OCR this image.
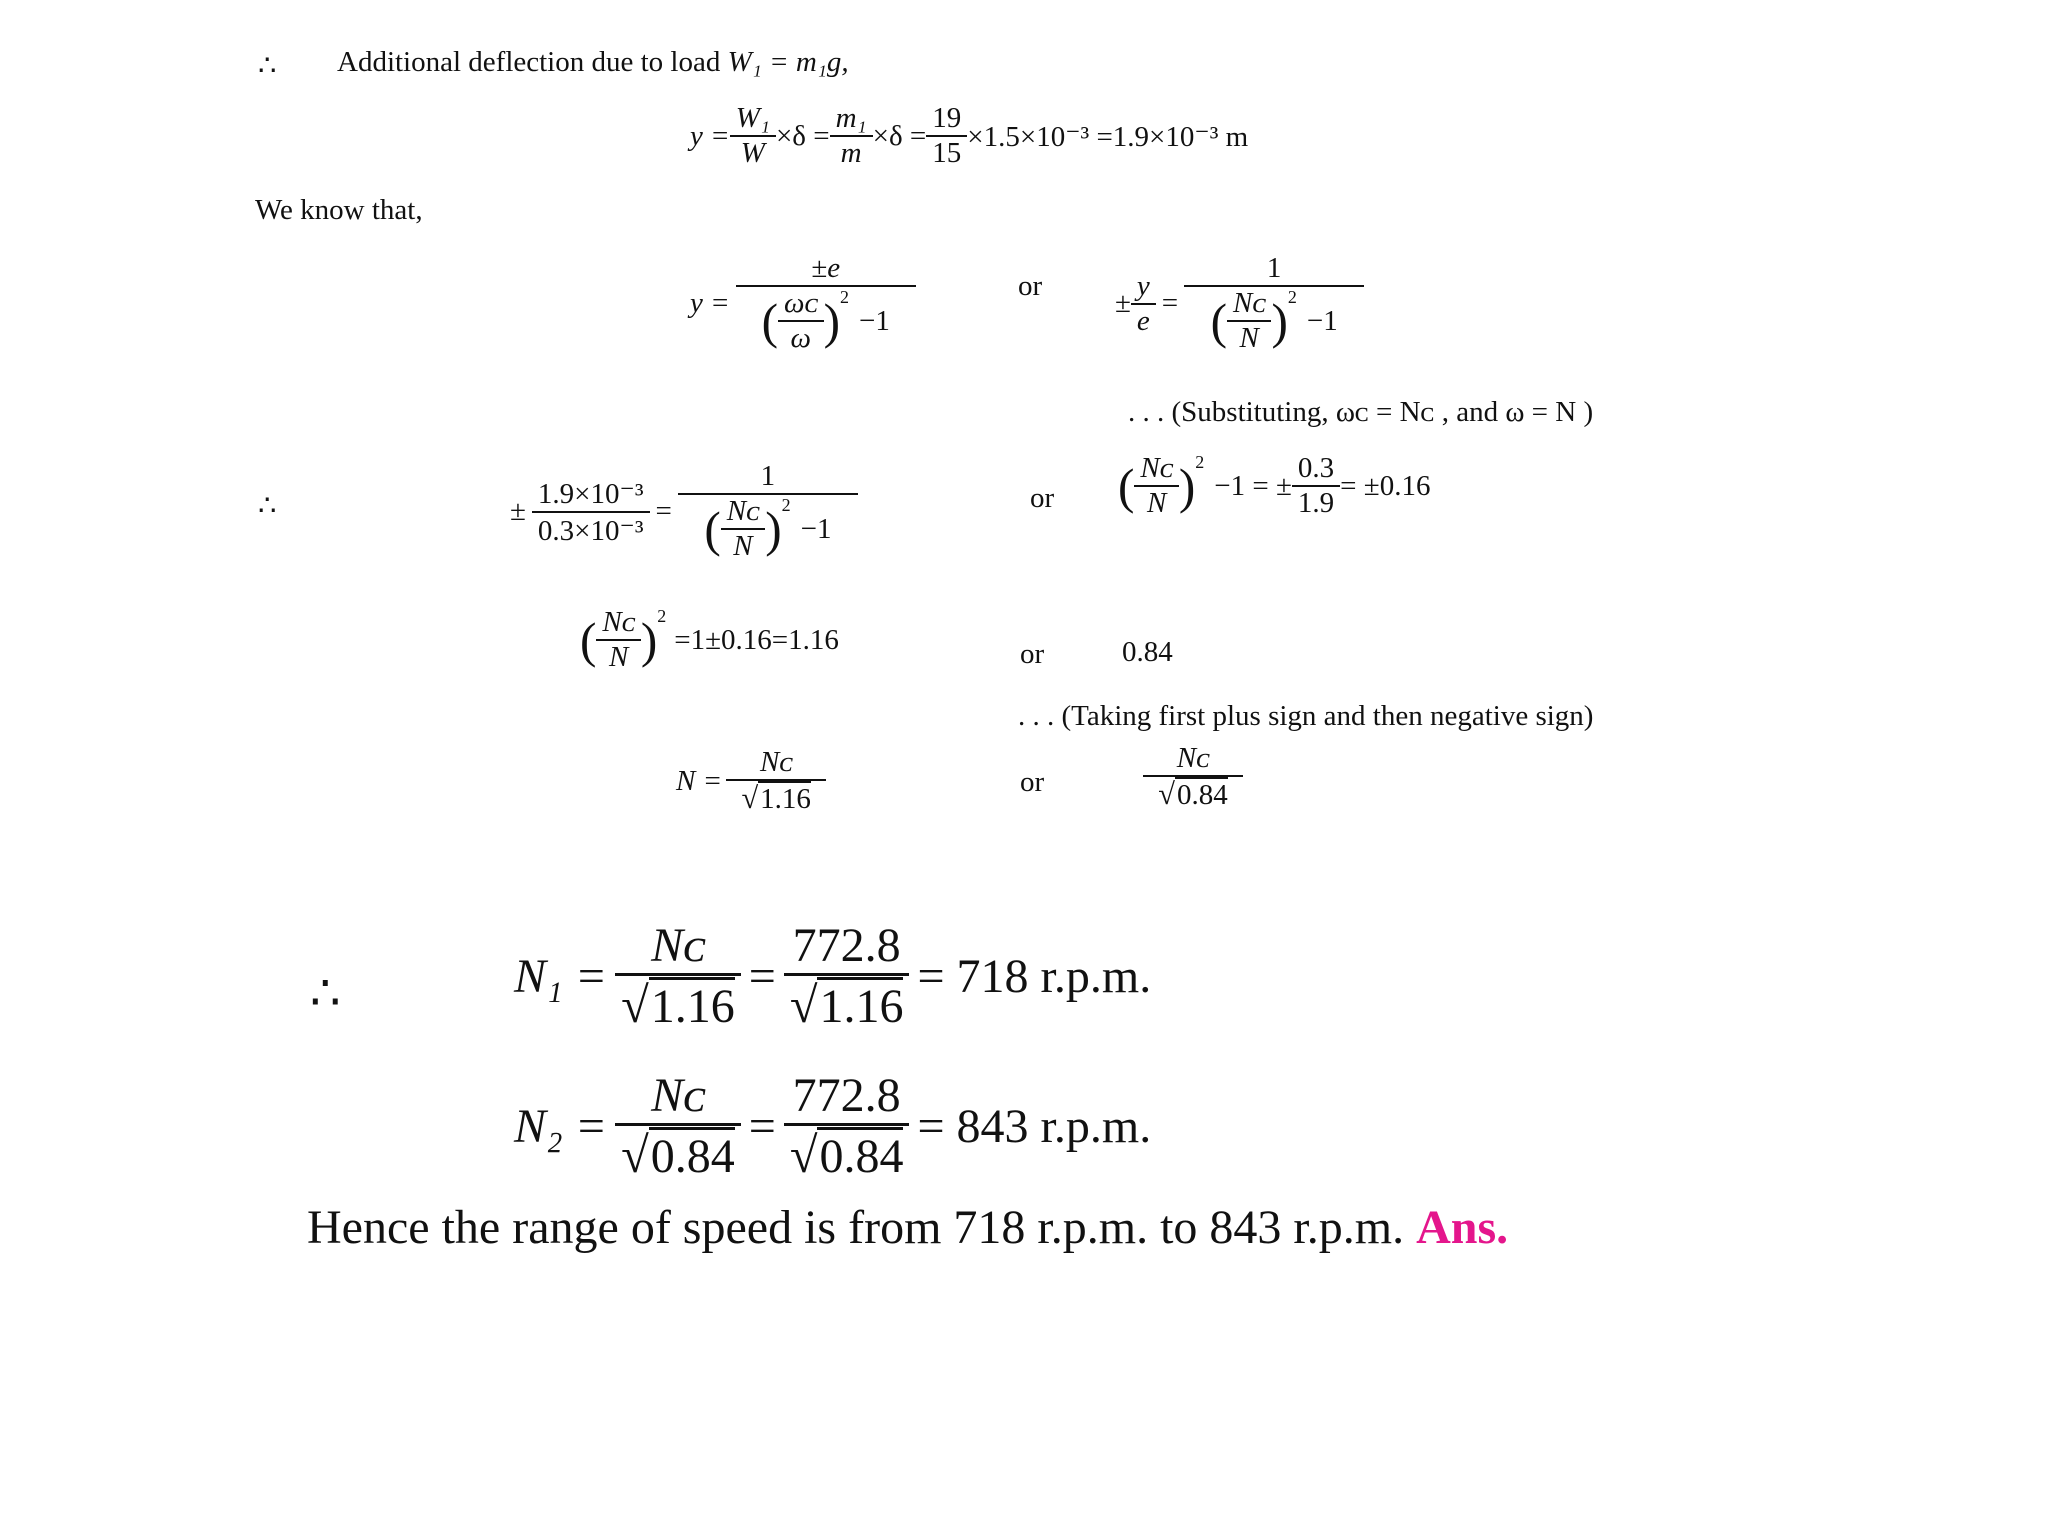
∴ Additional deflection due to load W₁ = m₁g,
$y = \frac{\text{W₁}}{W} \times\delta = \frac{\text{m₁}}{m} \times\delta = \frac{19}{15} \times 1.5\times 10^{-3} =1.9\times 10^{-3}$ m
We know that,
y = ±e
( $\frac{\text{ωᴄ}}{\omega} )^2$
−1	or
± $\frac{y}{e} = 1$
( $\frac{\text{Nᴄ}}{N} )^2$
−1
. . . (Substituting, ωᴄ = Nᴄ , and ω = N )
∴	± $\frac{\text{1.9×10⁻³}}{\text{0.3×10⁻³}} = 1$
( $\frac{\text{Nᴄ}}{N} )^2$
−1	or ( $\frac{\text{Nᴄ}}{N} )^2$
−1 = ± $\frac{0.3}{1.9} = \pm 0.16$
( $\frac{\text{Nᴄ}}{N} )^2$
=1±0.16=1.16	or	0.84
. . . (Taking first plus sign and then negative sign)
$N = \frac{\text{Nᴄ}}{√1.16}$	or	$\frac{\text{Nᴄ}}{√0.84}$
∴	$N_1 = \frac{\text{Nᴄ}}{√1.16} = \frac{772.8}{√1.16} = 718$ r.p.m.
$N_2 = \frac{\text{Nᴄ}}{√0.84} = \frac{772.8}{√0.84} = 843$ r.p.m.
Hence the range of speed is from 718 r.p.m. to 843 r.p.m. Ans.
